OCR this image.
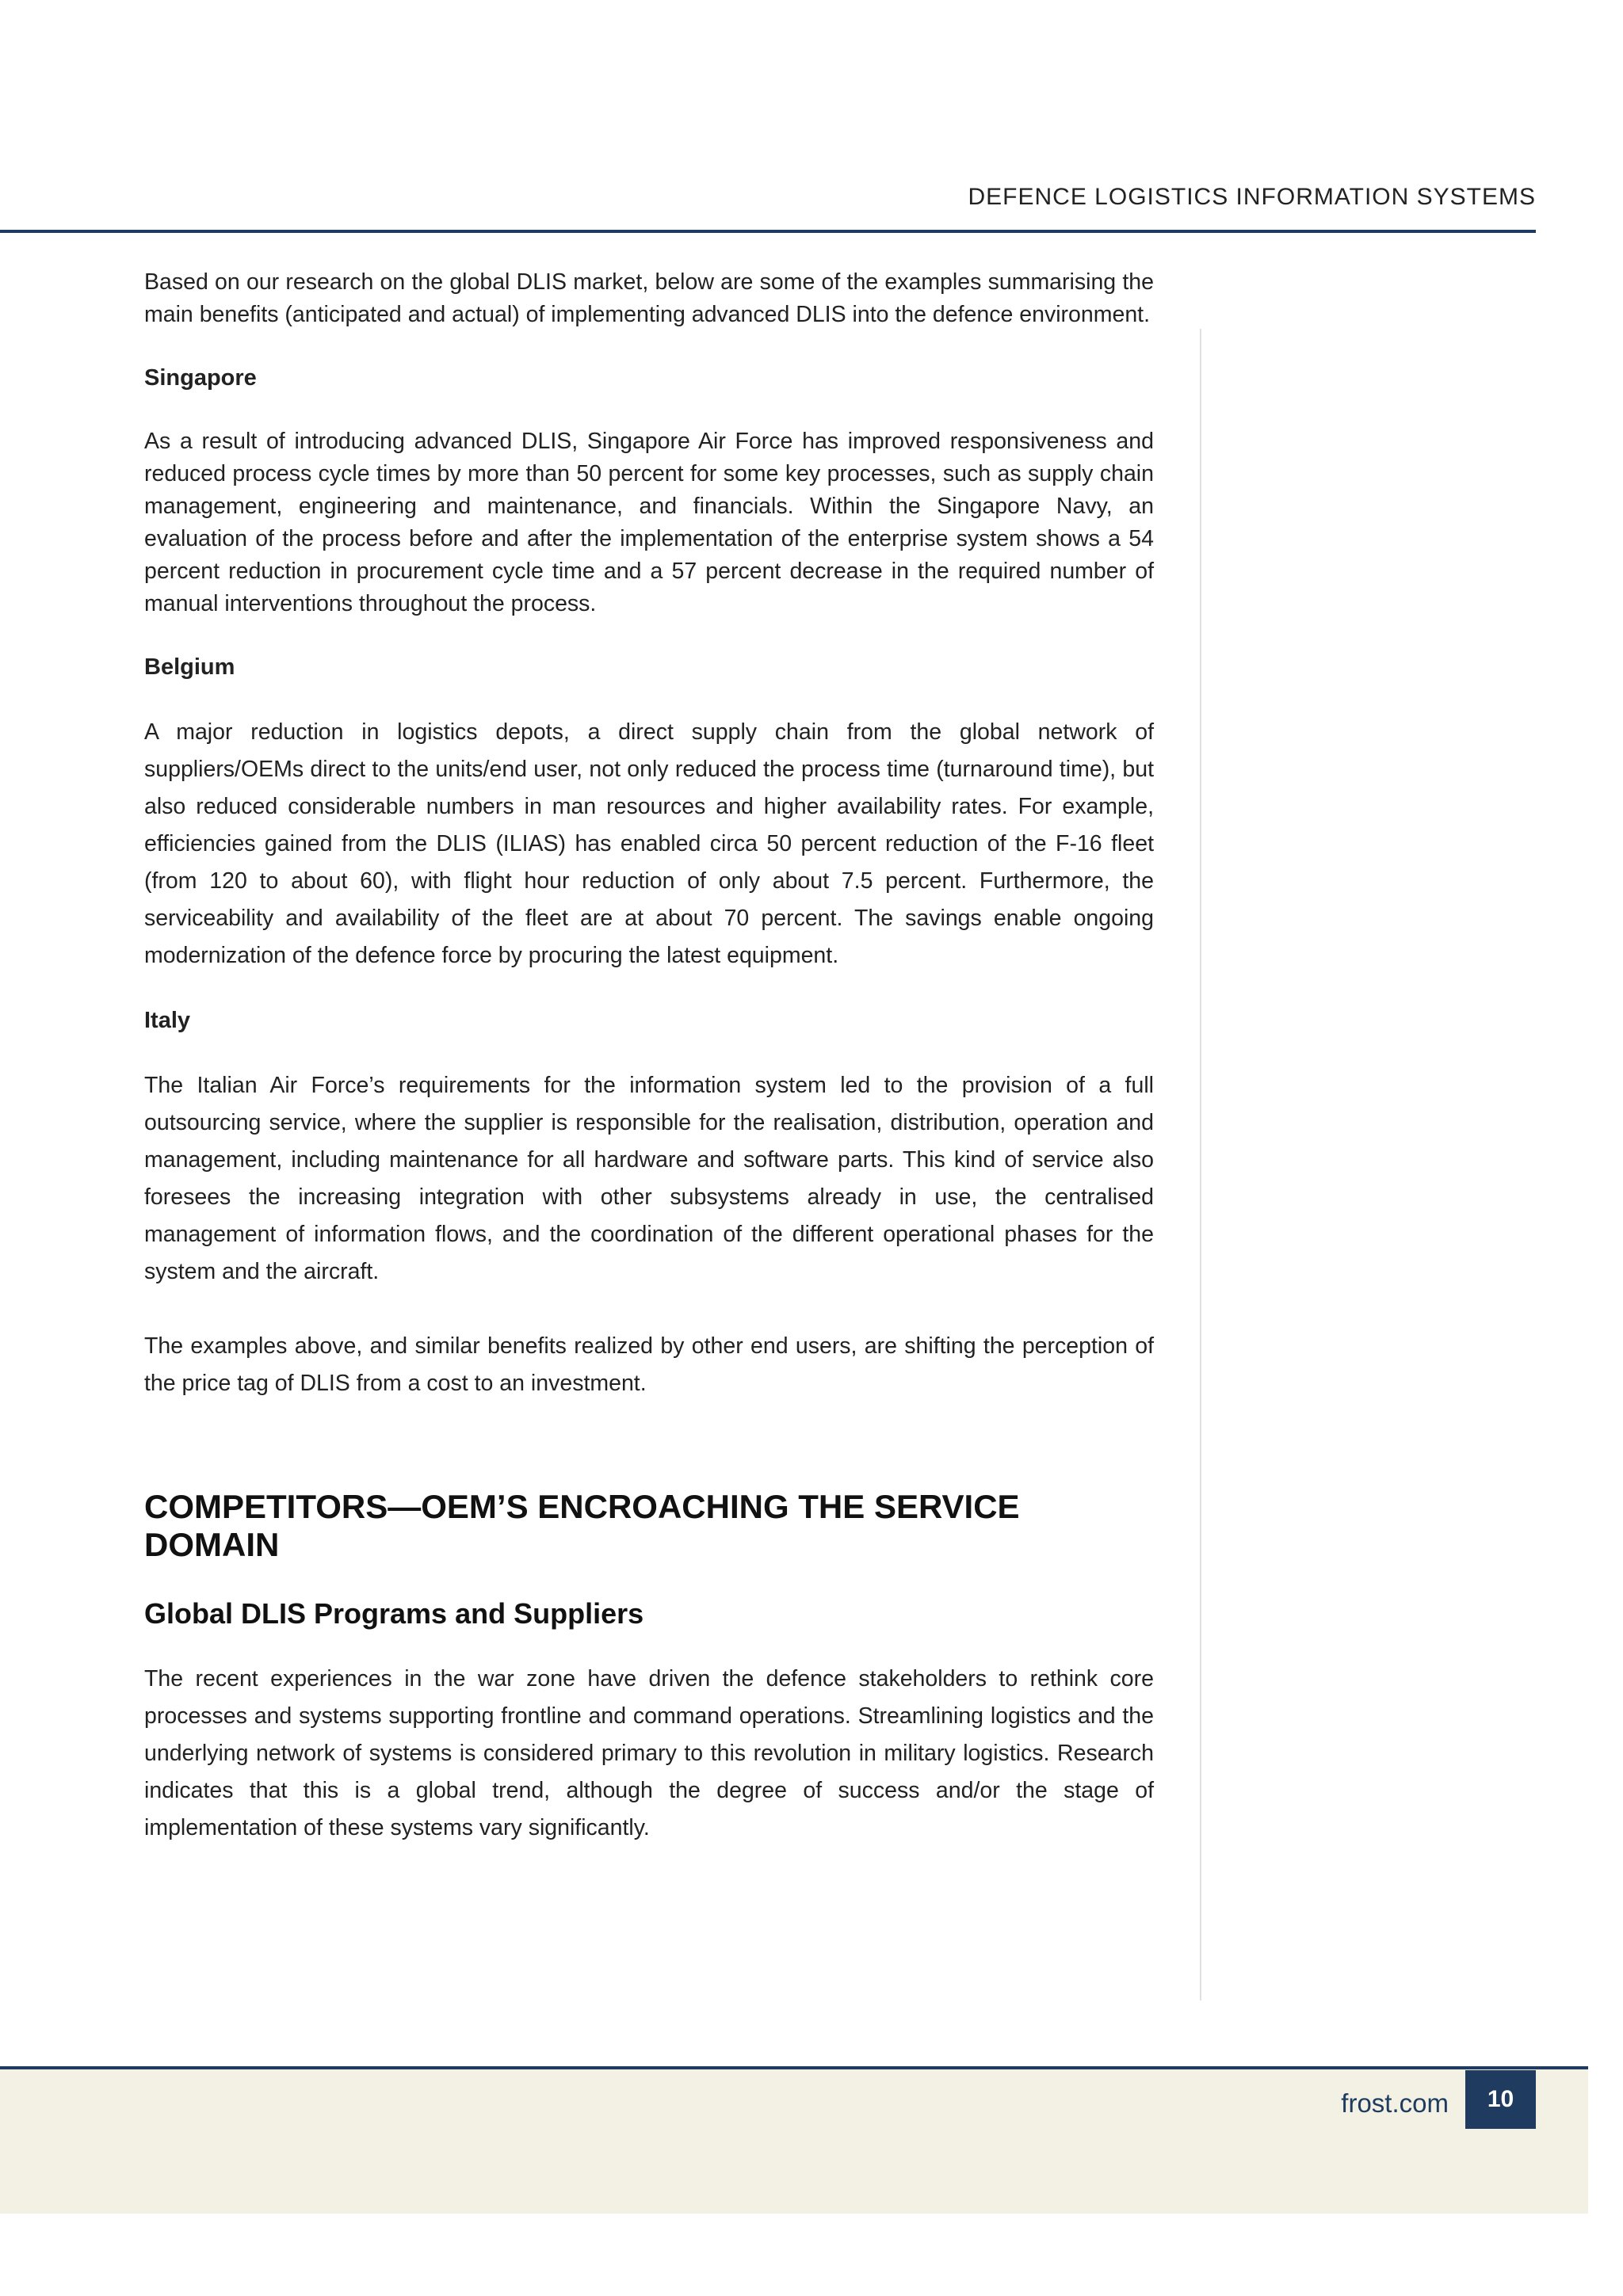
DEFENCE LOGISTICS INFORMATION SYSTEMS

Based on our research on the global DLIS market, below are some of the examples summarising the main benefits (anticipated and actual) of implementing advanced DLIS into the defence environment.

Singapore

As a result of introducing advanced DLIS, Singapore Air Force has improved responsiveness and reduced process cycle times by more than 50 percent for some key processes, such as supply chain management, engineering and maintenance, and financials. Within the Singapore Navy, an evaluation of the process before and after the implementation of the enterprise system shows a 54 percent reduction in procurement cycle time and a 57 percent decrease in the required number of manual interventions throughout the process.

Belgium

A major reduction in logistics depots, a direct supply chain from the global network of suppliers/OEMs direct to the units/end user, not only reduced the process time (turnaround time), but also reduced considerable numbers in man resources and higher availability rates. For example, efficiencies gained from the DLIS (ILIAS) has enabled circa 50 percent reduction of the F-16 fleet (from 120 to about 60), with flight hour reduction of only about 7.5 percent. Furthermore, the serviceability and availability of the fleet are at about 70 percent. The savings enable ongoing modernization of the defence force by procuring the latest equipment.

Italy

The Italian Air Force’s requirements for the information system led to the provision of a full outsourcing service, where the supplier is responsible for the realisation, distribution, operation and management, including maintenance for all hardware and software parts. This kind of service also foresees the increasing integration with other subsystems already in use, the centralised management of information flows, and the coordination of the different operational phases for the system and the aircraft.

The examples above, and similar benefits realized by other end users, are shifting the perception of the price tag of DLIS from a cost to an investment.

COMPETITORS—OEM’S ENCROACHING THE SERVICE DOMAIN
Global DLIS Programs and Suppliers

The recent experiences in the war zone have driven the defence stakeholders to rethink core processes and systems supporting frontline and command operations. Streamlining logistics and the underlying network of systems is considered primary to this revolution in military logistics. Research indicates that this is a global trend, although the degree of success and/or the stage of implementation of these systems vary significantly.

frost.com	10
